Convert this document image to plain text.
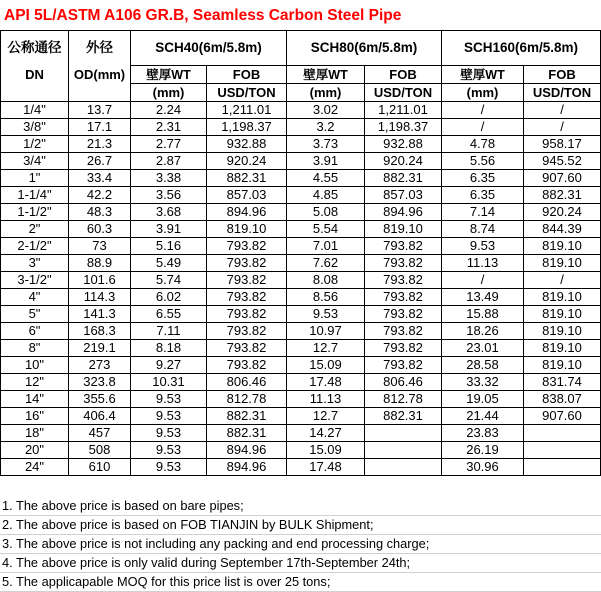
API 5L/ASTM A106 GR.B, Seamless Carbon Steel Pipe
公称通径	外径	SCH40(6m/5.8m)		SCH80(6m/5.8m)		SCH160(6m/5.8m)	
DN	OD(mm)	壁厚WT	FOB	壁厚WT	FOB	壁厚WT	FOB
		(mm)	USD/TON	(mm)	USD/TON	(mm)	USD/TON
1/4"	13.7	2.24	1,211.01	3.02	1,211.01	/	/
3/8"	17.1	2.31	1,198.37	3.2	1,198.37	/	/
1/2"	21.3	2.77	932.88	3.73	932.88	4.78	958.17
3/4"	26.7	2.87	920.24	3.91	920.24	5.56	945.52
1"	33.4	3.38	882.31	4.55	882.31	6.35	907.60
1-1/4"	42.2	3.56	857.03	4.85	857.03	6.35	882.31
1-1/2"	48.3	3.68	894.96	5.08	894.96	7.14	920.24
2"	60.3	3.91	819.10	5.54	819.10	8.74	844.39
2-1/2"	73	5.16	793.82	7.01	793.82	9.53	819.10
3"	88.9	5.49	793.82	7.62	793.82	11.13	819.10
3-1/2"	101.6	5.74	793.82	8.08	793.82	/	/
4"	114.3	6.02	793.82	8.56	793.82	13.49	819.10
5"	141.3	6.55	793.82	9.53	793.82	15.88	819.10
6"	168.3	7.11	793.82	10.97	793.82	18.26	819.10
8"	219.1	8.18	793.82	12.7	793.82	23.01	819.10
10"	273	9.27	793.82	15.09	793.82	28.58	819.10
12"	323.8	10.31	806.46	17.48	806.46	33.32	831.74
14"	355.6	9.53	812.78	11.13	812.78	19.05	838.07
16"	406.4	9.53	882.31	12.7	882.31	21.44	907.60
18"	457	9.53	882.31	14.27		23.83	
20"	508	9.53	894.96	15.09		26.19	
24"	610	9.53	894.96	17.48		30.96	
1. The above price is based on bare pipes;
2. The above price is based on FOB TIANJIN by BULK Shipment;
3. The above price is not including any packing and end processing charge;
4. The above price is only valid during September 17th-September 24th;
5. The applicapable MOQ for this price list is over 25 tons;
